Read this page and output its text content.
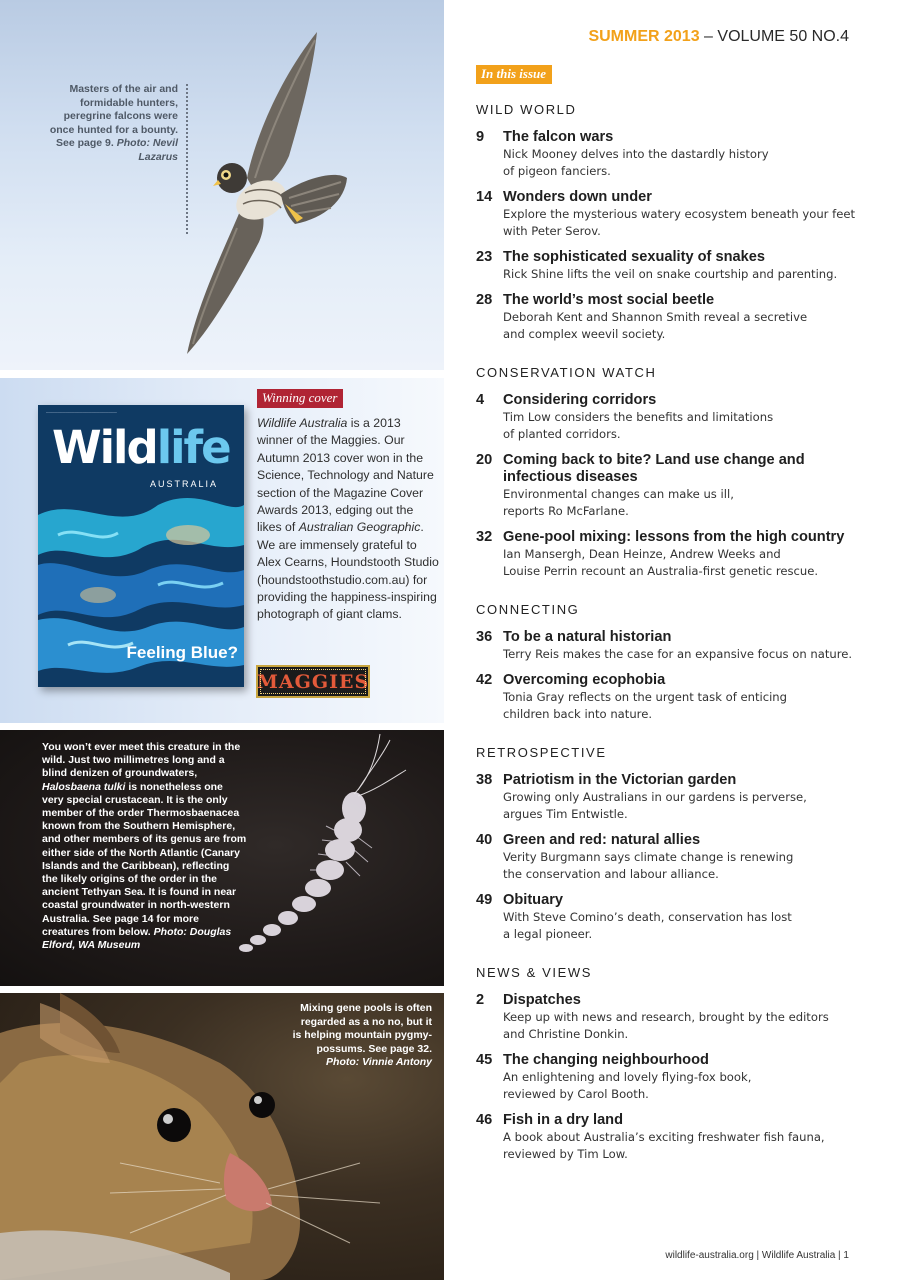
Masters of the air and formidable hunters, peregrine falcons were once hunted for a bounty. See page 9. Photo: Nevil Lazarus
─────────────────────────
Wildlife
AUSTRALIA
Feeling Blue?
Winning cover
Wildlife Australia is a 2013 winner of the Maggies. Our Autumn 2013 cover won in the Science, Technology and Nature section of the Magazine Cover Awards 2013, edging out the likes of Australian Geographic. We are immensely grateful to Alex Cearns, Houndstooth Studio (houndstoothstudio.com.au) for providing the happiness-inspiring photograph of giant clams.
MAGGIES
You won’t ever meet this creature in the wild. Just two millimetres long and a blind denizen of groundwaters, Halosbaena tulki is nonetheless one very special crustacean. It is the only member of the order Thermosbaenacea known from the Southern Hemisphere, and other members of its genus are from either side of the North Atlantic (Canary Islands and the Caribbean), reflecting the likely origins of the order in the ancient Tethyan Sea. It is found in near coastal groundwater in north-western Australia. See page 14 for more creatures from below. Photo: Douglas Elford, WA Museum
Mixing gene pools is often regarded as a no no, but it is helping mountain pygmy-possums. See page 32. Photo: Vinnie Antony
SUMMER 2013 – VOLUME 50 NO.4
In this issue
WILD WORLD
9 The falcon wars
Nick Mooney delves into the dastardly history
of pigeon fanciers.
14 Wonders down under
Explore the mysterious watery ecosystem beneath your feet
with Peter Serov.
23 The sophisticated sexuality of snakes
Rick Shine lifts the veil on snake courtship and parenting.
28 The world’s most social beetle
Deborah Kent and Shannon Smith reveal a secretive
and complex weevil society.
CONSERVATION WATCH
4 Considering corridors
Tim Low considers the benefits and limitations
of planted corridors.
20 Coming back to bite? Land use change and infectious diseases
Environmental changes can make us ill,
reports Ro McFarlane.
32 Gene-pool mixing: lessons from the high country
Ian Mansergh, Dean Heinze, Andrew Weeks and
Louise Perrin recount an Australia-first genetic rescue.
CONNECTING
36 To be a natural historian
Terry Reis makes the case for an expansive focus on nature.
42 Overcoming ecophobia
Tonia Gray reflects on the urgent task of enticing
children back into nature.
RETROSPECTIVE
38 Patriotism in the Victorian garden
Growing only Australians in our gardens is perverse,
argues Tim Entwistle.
40 Green and red: natural allies
Verity Burgmann says climate change is renewing
the conservation and labour alliance.
49 Obituary
With Steve Comino’s death, conservation has lost
a legal pioneer.
NEWS & VIEWS
2 Dispatches
Keep up with news and research, brought by the editors
and Christine Donkin.
45 The changing neighbourhood
An enlightening and lovely flying-fox book,
reviewed by Carol Booth.
46 Fish in a dry land
A book about Australia’s exciting freshwater fish fauna,
reviewed by Tim Low.
wildlife-australia.org | Wildlife Australia | 1
